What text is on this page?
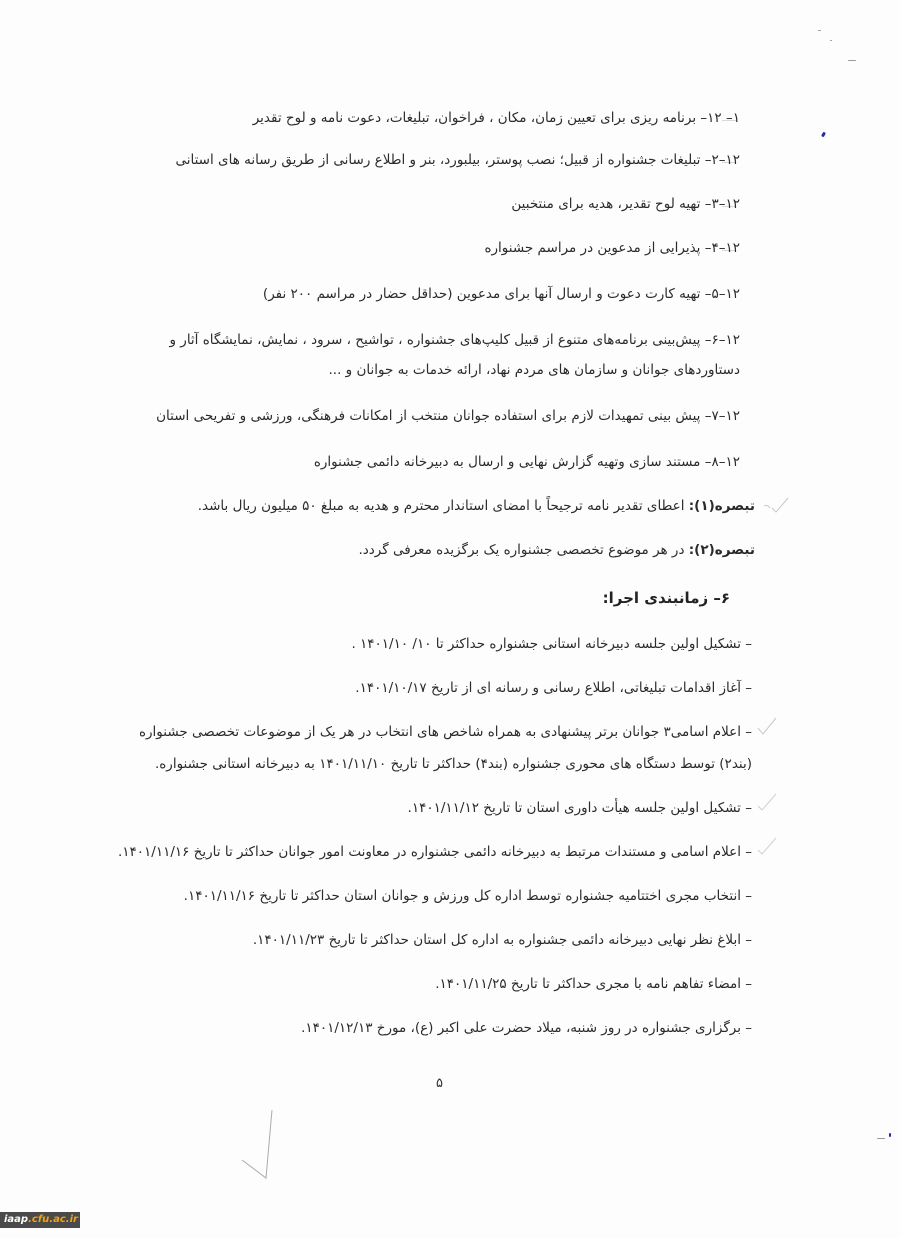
۱– ۱۲– برنامه ریزی برای تعیین زمان، مکان ، فراخوان، تبلیغات، دعوت نامه و لوح تقدیر
۱۲–۲– تبلیغات جشنواره از قبیل؛ نصب پوستر، بیلبورد، بنر و اطلاع رسانی از طریق رسانه های استانی
۱۲–۳– تهیه لوح تقدیر، هدیه برای منتخبین
۱۲–۴– پذیرایی از مدعوین در مراسم جشنواره
۱۲–۵– تهیه کارت دعوت و ارسال آنها برای مدعوین (حداقل حضار در مراسم ۲۰۰ نفر)
۱۲–۶– پیش‌بینی برنامه‌های متنوع از قبیل کلیپ‌های جشنواره ، تواشیح ، سرود ، نمایش، نمایشگاه آثار و
دستاوردهای جوانان و سازمان های مردم نهاد، ارائه خدمات به جوانان و ...
۱۲–۷– پیش بینی تمهیدات لازم برای استفاده جوانان منتخب از امکانات فرهنگی، ورزشی و تفریحی استان
۱۲–۸– مستند سازی وتهیه گزارش نهایی و ارسال به دبیرخانه دائمی جشنواره
تبصره(۱): اعطای تقدیر نامه ترجیحاً با امضای استاندار محترم و هدیه به مبلغ ۵۰ میلیون ریال باشد.
تبصره(۲): در هر موضوع تخصصی جشنواره یک برگزیده معرفی گردد.
۶– زمانبندی اجرا:
– تشکیل اولین جلسه دبیرخانه استانی جشنواره حداکثر تا ۱۰/ ۱۴۰۱/۱۰ .
– آغاز اقدامات تبلیغاتی، اطلاع رسانی و رسانه ای از تاریخ ۱۴۰۱/۱۰/۱۷.
– اعلام اسامی۳ جوانان برتر پیشنهادی به همراه شاخص های انتخاب در هر یک از موضوعات تخصصی جشنواره
(بند۲) توسط دستگاه های محوری جشنواره (بند۴) حداکثر تا تاریخ ۱۴۰۱/۱۱/۱۰ به دبیرخانه استانی جشنواره.
– تشکیل اولین جلسه هیأت داوری استان تا تاریخ ۱۴۰۱/۱۱/۱۲.
– اعلام اسامی و مستندات مرتبط به دبیرخانه دائمی جشنواره در معاونت امور جوانان حداکثر تا تاریخ ۱۴۰۱/۱۱/۱۶.
– انتخاب مجری اختتامیه جشنواره توسط اداره کل ورزش و جوانان استان حداکثر تا تاریخ ۱۴۰۱/۱۱/۱۶.
– ابلاغ نظر نهایی دبیرخانه دائمی جشنواره به اداره کل استان حداکثر تا تاریخ ۱۴۰۱/۱۱/۲۳.
– امضاء تفاهم نامه با مجری حداکثر تا تاریخ ۱۴۰۱/۱۱/۲۵.
– برگزاری جشنواره در روز شنبه، میلاد حضرت علی اکبر (ع)، مورخ ۱۴۰۱/۱۲/۱۳.
۵
iaap.cfu.ac.ir
